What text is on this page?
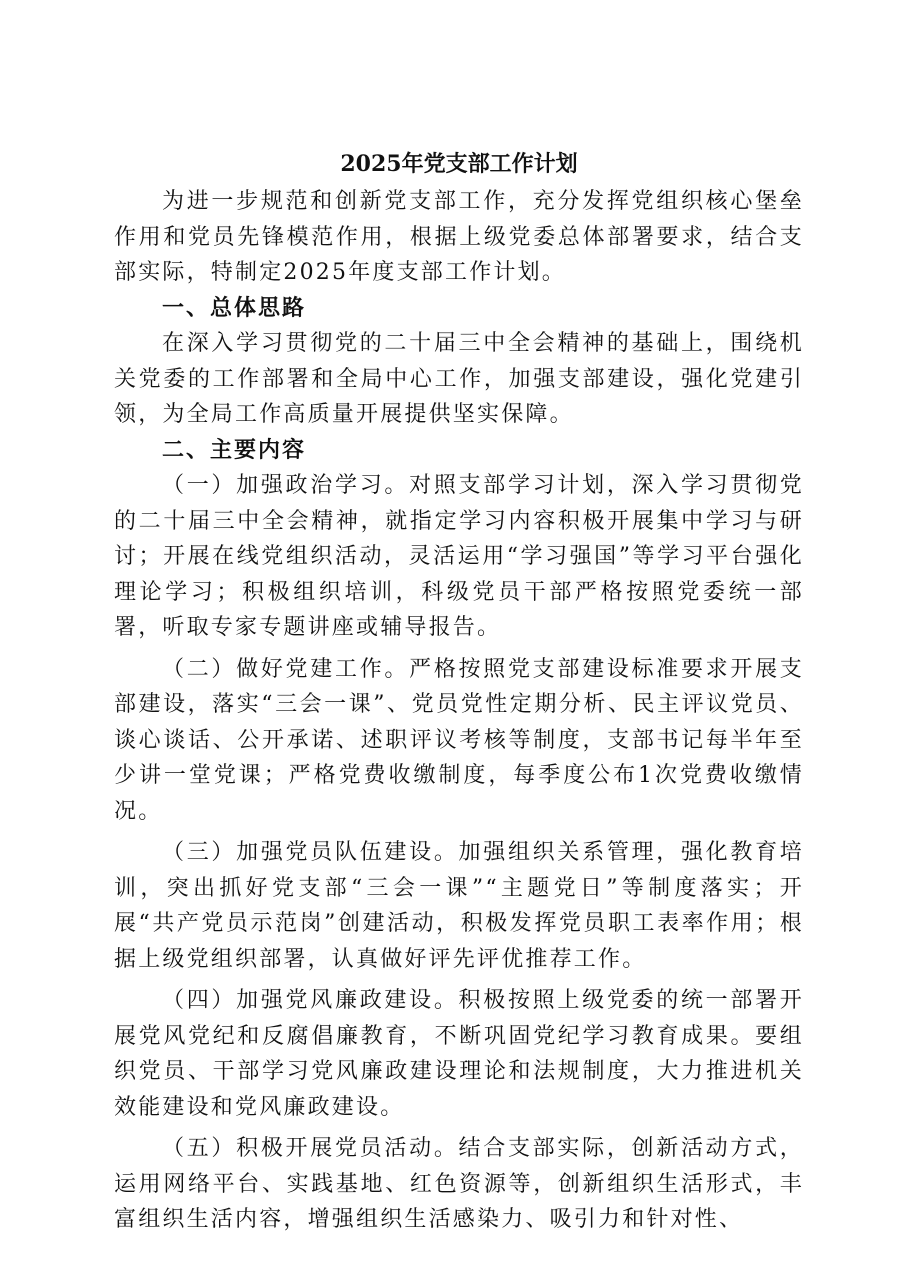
2025年党支部工作计划

为进一步规范和创新党支部工作，充分发挥党组织核心堡垒作用和党员先锋模范作用，根据上级党委总体部署要求，结合支部实际，特制定2025年度支部工作计划。

一、总体思路

在深入学习贯彻党的二十届三中全会精神的基础上，围绕机关党委的工作部署和全局中心工作，加强支部建设，强化党建引领，为全局工作高质量开展提供坚实保障。

二、主要内容

（一）加强政治学习。对照支部学习计划，深入学习贯彻党的二十届三中全会精神，就指定学习内容积极开展集中学习与研讨；开展在线党组织活动，灵活运用“学习强国”等学习平台强化理论学习；积极组织培训，科级党员干部严格按照党委统一部署，听取专家专题讲座或辅导报告。

（二）做好党建工作。严格按照党支部建设标准要求开展支部建设，落实“三会一课”、党员党性定期分析、民主评议党员、谈心谈话、公开承诺、述职评议考核等制度，支部书记每半年至少讲一堂党课；严格党费收缴制度，每季度公布1次党费收缴情况。

（三）加强党员队伍建设。加强组织关系管理，强化教育培训，突出抓好党支部“三会一课”“主题党日”等制度落实；开展“共产党员示范岗”创建活动，积极发挥党员职工表率作用；根据上级党组织部署，认真做好评先评优推荐工作。

（四）加强党风廉政建设。积极按照上级党委的统一部署开展党风党纪和反腐倡廉教育，不断巩固党纪学习教育成果。要组织党员、干部学习党风廉政建设理论和法规制度，大力推进机关效能建设和党风廉政建设。

（五）积极开展党员活动。结合支部实际，创新活动方式，运用网络平台、实践基地、红色资源等，创新组织生活形式，丰富组织生活内容，增强组织生活感染力、吸引力和针对性、
